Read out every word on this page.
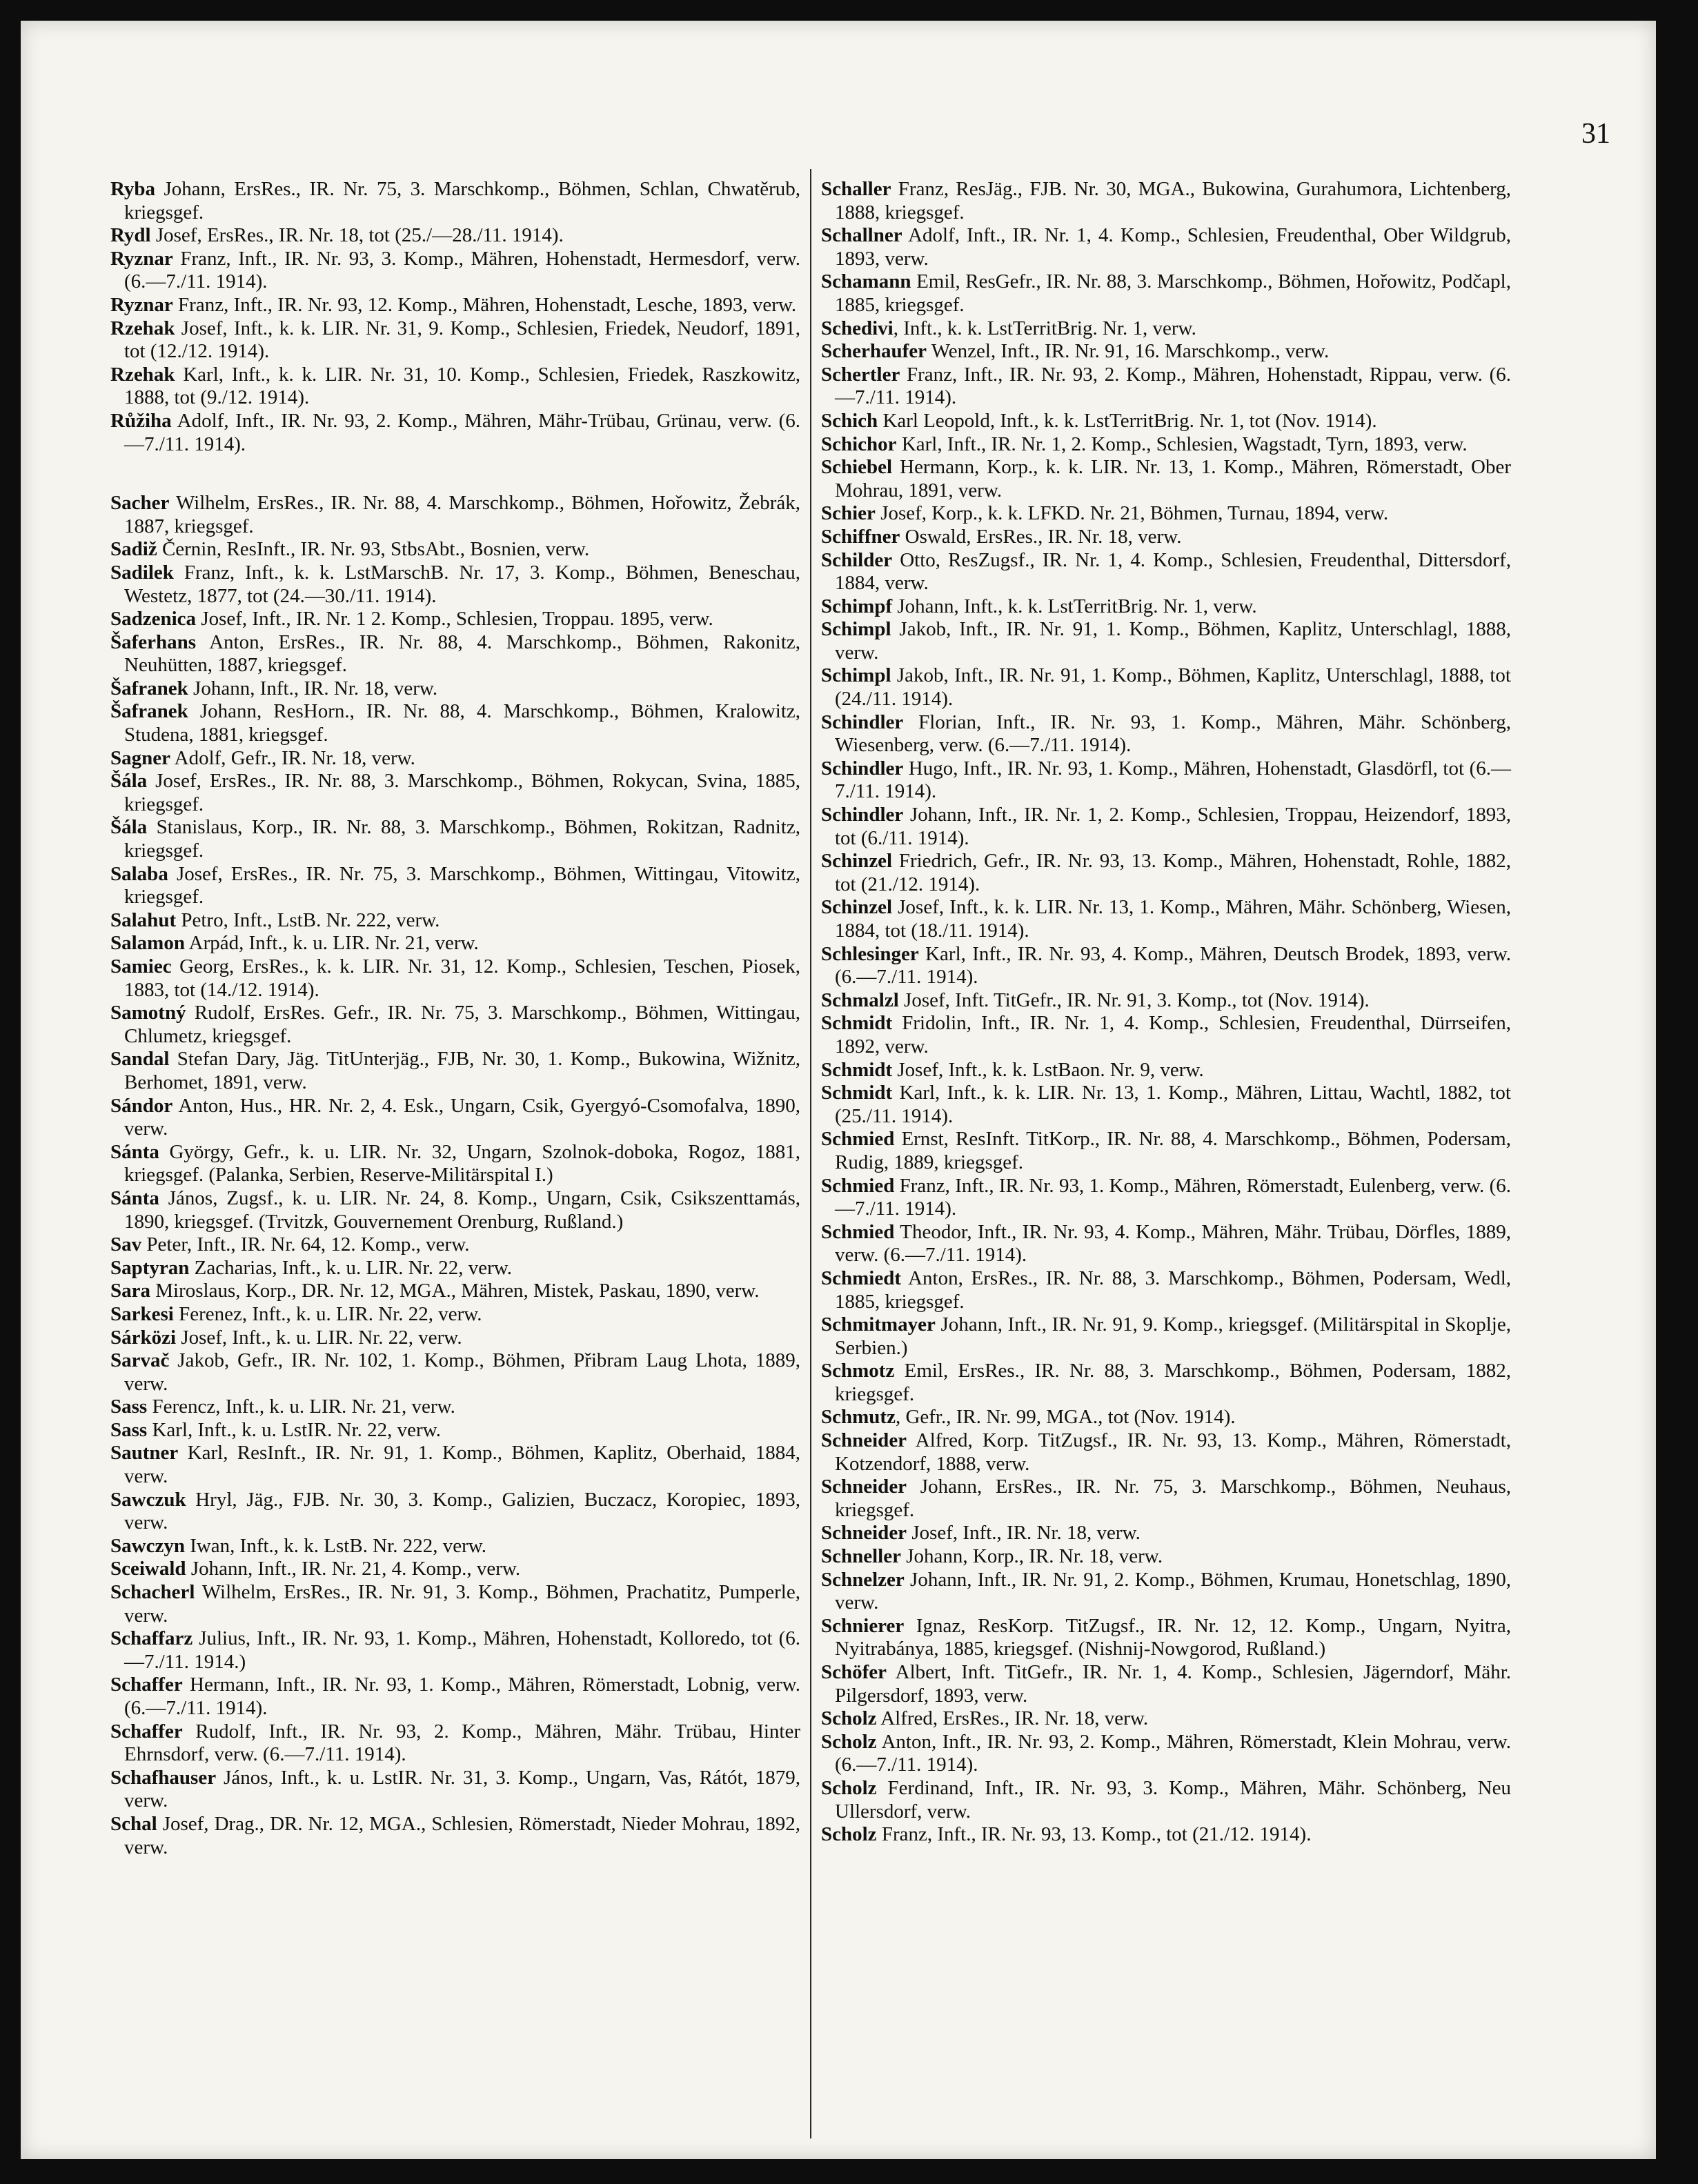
31
Ryba Johann, ErsRes., IR. Nr. 75, 3. Marschkomp., Böhmen, Schlan, Chwatěrub, kriegsgef.
Rydl Josef, ErsRes., IR. Nr. 18, tot (25./—28./11. 1914).
Ryznar Franz, Inft., IR. Nr. 93, 3. Komp., Mähren, Hohenstadt, Hermesdorf, verw. (6.—7./11. 1914).
Ryznar Franz, Inft., IR. Nr. 93, 12. Komp., Mähren, Hohenstadt, Lesche, 1893, verw.
Rzehak Josef, Inft., k. k. LIR. Nr. 31, 9. Komp., Schlesien, Friedek, Neudorf, 1891, tot (12./12. 1914).
Rzehak Karl, Inft., k. k. LIR. Nr. 31, 10. Komp., Schlesien, Friedek, Raszkowitz, 1888, tot (9./12. 1914).
Růžiha Adolf, Inft., IR. Nr. 93, 2. Komp., Mähren, Mähr-Trübau, Grünau, verw. (6.—7./11. 1914).
Sacher Wilhelm, ErsRes., IR. Nr. 88, 4. Marschkomp., Böhmen, Hořowitz, Žebrák, 1887, kriegsgef.
Sadiž Černin, ResInft., IR. Nr. 93, StbsAbt., Bosnien, verw.
Sadilek Franz, Inft., k. k. LstMarschB. Nr. 17, 3. Komp., Böhmen, Beneschau, Westetz, 1877, tot (24.—30./11. 1914).
Sadzenica Josef, Inft., IR. Nr. 1 2. Komp., Schlesien, Troppau. 1895, verw.
Šaferhans Anton, ErsRes., IR. Nr. 88, 4. Marschkomp., Böhmen, Rakonitz, Neuhütten, 1887, kriegsgef.
Šafranek Johann, Inft., IR. Nr. 18, verw.
Šafranek Johann, ResHorn., IR. Nr. 88, 4. Marschkomp., Böhmen, Kralowitz, Studena, 1881, kriegsgef.
Sagner Adolf, Gefr., IR. Nr. 18, verw.
Šála Josef, ErsRes., IR. Nr. 88, 3. Marschkomp., Böhmen, Rokycan, Svina, 1885, kriegsgef.
Šála Stanislaus, Korp., IR. Nr. 88, 3. Marschkomp., Böhmen, Rokitzan, Radnitz, kriegsgef.
Salaba Josef, ErsRes., IR. Nr. 75, 3. Marschkomp., Böhmen, Wittingau, Vitowitz, kriegsgef.
Salahut Petro, Inft., LstB. Nr. 222, verw.
Salamon Arpád, Inft., k. u. LIR. Nr. 21, verw.
Samiec Georg, ErsRes., k. k. LIR. Nr. 31, 12. Komp., Schlesien, Teschen, Piosek, 1883, tot (14./12. 1914).
Samotný Rudolf, ErsRes. Gefr., IR. Nr. 75, 3. Marschkomp., Böhmen, Wittingau, Chlumetz, kriegsgef.
Sandal Stefan Dary, Jäg. TitUnterjäg., FJB, Nr. 30, 1. Komp., Bukowina, Wižnitz, Berhomet, 1891, verw.
Sándor Anton, Hus., HR. Nr. 2, 4. Esk., Ungarn, Csik, Gyergyó-Csomofalva, 1890, verw.
Sánta György, Gefr., k. u. LIR. Nr. 32, Ungarn, Szolnok-doboka, Rogoz, 1881, kriegsgef. (Palanka, Serbien, Reserve-Militärspital I.)
Sánta János, Zugsf., k. u. LIR. Nr. 24, 8. Komp., Ungarn, Csik, Csikszenttamás, 1890, kriegsgef. (Trvitzk, Gouvernement Orenburg, Rußland.)
Sav Peter, Inft., IR. Nr. 64, 12. Komp., verw.
Saptyran Zacharias, Inft., k. u. LIR. Nr. 22, verw.
Sara Miroslaus, Korp., DR. Nr. 12, MGA., Mähren, Mistek, Paskau, 1890, verw.
Sarkesi Ferenez, Inft., k. u. LIR. Nr. 22, verw.
Sárközi Josef, Inft., k. u. LIR. Nr. 22, verw.
Sarvač Jakob, Gefr., IR. Nr. 102, 1. Komp., Böhmen, Přibram Laug Lhota, 1889, verw.
Sass Ferencz, Inft., k. u. LIR. Nr. 21, verw.
Sass Karl, Inft., k. u. LstIR. Nr. 22, verw.
Sautner Karl, ResInft., IR. Nr. 91, 1. Komp., Böhmen, Kaplitz, Oberhaid, 1884, verw.
Sawczuk Hryl, Jäg., FJB. Nr. 30, 3. Komp., Galizien, Buczacz, Koropiec, 1893, verw.
Sawczyn Iwan, Inft., k. k. LstB. Nr. 222, verw.
Sceiwald Johann, Inft., IR. Nr. 21, 4. Komp., verw.
Schacherl Wilhelm, ErsRes., IR. Nr. 91, 3. Komp., Böhmen, Prachatitz, Pumperle, verw.
Schaffarz Julius, Inft., IR. Nr. 93, 1. Komp., Mähren, Hohenstadt, Kolloredo, tot (6.—7./11. 1914.)
Schaffer Hermann, Inft., IR. Nr. 93, 1. Komp., Mähren, Römerstadt, Lobnig, verw. (6.—7./11. 1914).
Schaffer Rudolf, Inft., IR. Nr. 93, 2. Komp., Mähren, Mähr. Trübau, Hinter Ehrnsdorf, verw. (6.—7./11. 1914).
Schafhauser János, Inft., k. u. LstIR. Nr. 31, 3. Komp., Ungarn, Vas, Rátót, 1879, verw.
Schal Josef, Drag., DR. Nr. 12, MGA., Schlesien, Römerstadt, Nieder Mohrau, 1892, verw.
Schaller Franz, ResJäg., FJB. Nr. 30, MGA., Bukowina, Gurahumora, Lichtenberg, 1888, kriegsgef.
Schallner Adolf, Inft., IR. Nr. 1, 4. Komp., Schlesien, Freudenthal, Ober Wildgrub, 1893, verw.
Schamann Emil, ResGefr., IR. Nr. 88, 3. Marschkomp., Böhmen, Hořowitz, Podčapl, 1885, kriegsgef.
Schedivi, Inft., k. k. LstTerritBrig. Nr. 1, verw.
Scherhaufer Wenzel, Inft., IR. Nr. 91, 16. Marschkomp., verw.
Schertler Franz, Inft., IR. Nr. 93, 2. Komp., Mähren, Hohenstadt, Rippau, verw. (6.—7./11. 1914).
Schich Karl Leopold, Inft., k. k. LstTerritBrig. Nr. 1, tot (Nov. 1914).
Schichor Karl, Inft., IR. Nr. 1, 2. Komp., Schlesien, Wagstadt, Tyrn, 1893, verw.
Schiebel Hermann, Korp., k. k. LIR. Nr. 13, 1. Komp., Mähren, Römerstadt, Ober Mohrau, 1891, verw.
Schier Josef, Korp., k. k. LFKD. Nr. 21, Böhmen, Turnau, 1894, verw.
Schiffner Oswald, ErsRes., IR. Nr. 18, verw.
Schilder Otto, ResZugsf., IR. Nr. 1, 4. Komp., Schlesien, Freudenthal, Dittersdorf, 1884, verw.
Schimpf Johann, Inft., k. k. LstTerritBrig. Nr. 1, verw.
Schimpl Jakob, Inft., IR. Nr. 91, 1. Komp., Böhmen, Kaplitz, Unterschlagl, 1888, verw.
Schimpl Jakob, Inft., IR. Nr. 91, 1. Komp., Böhmen, Kaplitz, Unterschlagl, 1888, tot (24./11. 1914).
Schindler Florian, Inft., IR. Nr. 93, 1. Komp., Mähren, Mähr. Schönberg, Wiesenberg, verw. (6.—7./11. 1914).
Schindler Hugo, Inft., IR. Nr. 93, 1. Komp., Mähren, Hohenstadt, Glasdörfl, tot (6.—7./11. 1914).
Schindler Johann, Inft., IR. Nr. 1, 2. Komp., Schlesien, Troppau, Heizendorf, 1893, tot (6./11. 1914).
Schinzel Friedrich, Gefr., IR. Nr. 93, 13. Komp., Mähren, Hohenstadt, Rohle, 1882, tot (21./12. 1914).
Schinzel Josef, Inft., k. k. LIR. Nr. 13, 1. Komp., Mähren, Mähr. Schönberg, Wiesen, 1884, tot (18./11. 1914).
Schlesinger Karl, Inft., IR. Nr. 93, 4. Komp., Mähren, Deutsch Brodek, 1893, verw. (6.—7./11. 1914).
Schmalzl Josef, Inft. TitGefr., IR. Nr. 91, 3. Komp., tot (Nov. 1914).
Schmidt Fridolin, Inft., IR. Nr. 1, 4. Komp., Schlesien, Freudenthal, Dürrseifen, 1892, verw.
Schmidt Josef, Inft., k. k. LstBaon. Nr. 9, verw.
Schmidt Karl, Inft., k. k. LIR. Nr. 13, 1. Komp., Mähren, Littau, Wachtl, 1882, tot (25./11. 1914).
Schmied Ernst, ResInft. TitKorp., IR. Nr. 88, 4. Marschkomp., Böhmen, Podersam, Rudig, 1889, kriegsgef.
Schmied Franz, Inft., IR. Nr. 93, 1. Komp., Mähren, Römerstadt, Eulenberg, verw. (6.—7./11. 1914).
Schmied Theodor, Inft., IR. Nr. 93, 4. Komp., Mähren, Mähr. Trübau, Dörfles, 1889, verw. (6.—7./11. 1914).
Schmiedt Anton, ErsRes., IR. Nr. 88, 3. Marschkomp., Böhmen, Podersam, Wedl, 1885, kriegsgef.
Schmitmayer Johann, Inft., IR. Nr. 91, 9. Komp., kriegsgef. (Militärspital in Skoplje, Serbien.)
Schmotz Emil, ErsRes., IR. Nr. 88, 3. Marschkomp., Böhmen, Podersam, 1882, kriegsgef.
Schmutz, Gefr., IR. Nr. 99, MGA., tot (Nov. 1914).
Schneider Alfred, Korp. TitZugsf., IR. Nr. 93, 13. Komp., Mähren, Römerstadt, Kotzendorf, 1888, verw.
Schneider Johann, ErsRes., IR. Nr. 75, 3. Marschkomp., Böhmen, Neuhaus, kriegsgef.
Schneider Josef, Inft., IR. Nr. 18, verw.
Schneller Johann, Korp., IR. Nr. 18, verw.
Schnelzer Johann, Inft., IR. Nr. 91, 2. Komp., Böhmen, Krumau, Honetschlag, 1890, verw.
Schnierer Ignaz, ResKorp. TitZugsf., IR. Nr. 12, 12. Komp., Ungarn, Nyitra, Nyitrabánya, 1885, kriegsgef. (Nishnij-Nowgorod, Rußland.)
Schöfer Albert, Inft. TitGefr., IR. Nr. 1, 4. Komp., Schlesien, Jägerndorf, Mähr. Pilgersdorf, 1893, verw.
Scholz Alfred, ErsRes., IR. Nr. 18, verw.
Scholz Anton, Inft., IR. Nr. 93, 2. Komp., Mähren, Römerstadt, Klein Mohrau, verw. (6.—7./11. 1914).
Scholz Ferdinand, Inft., IR. Nr. 93, 3. Komp., Mähren, Mähr. Schönberg, Neu Ullersdorf, verw.
Scholz Franz, Inft., IR. Nr. 93, 13. Komp., tot (21./12. 1914).
